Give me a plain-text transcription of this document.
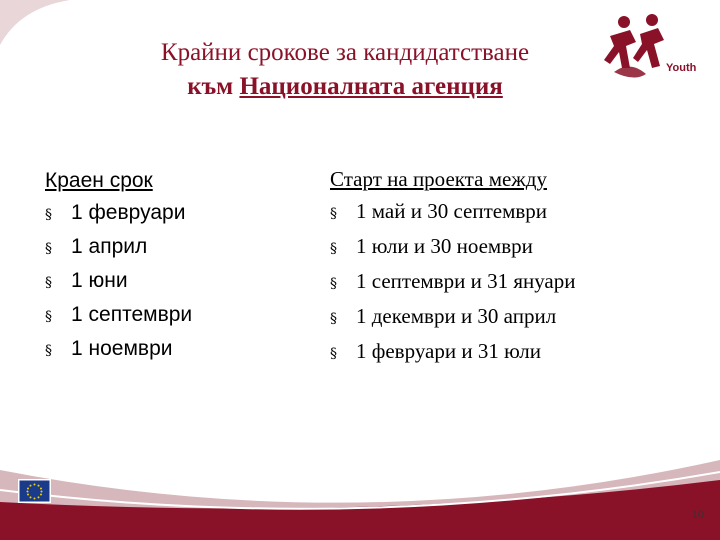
Крайни срокове за кандидатстване
към Националната агенция
Youth
Краен срок
§ 1 февруари
§ 1 април
§ 1 юни
§ 1 септември
§ 1 ноември
Старт на проекта между
§ 1 май и 30 септември
§ 1 юли и 30 ноември
§ 1 септември и 31 януари
§ 1 декември и 30 април
§ 1 февруари и 31 юли
10
